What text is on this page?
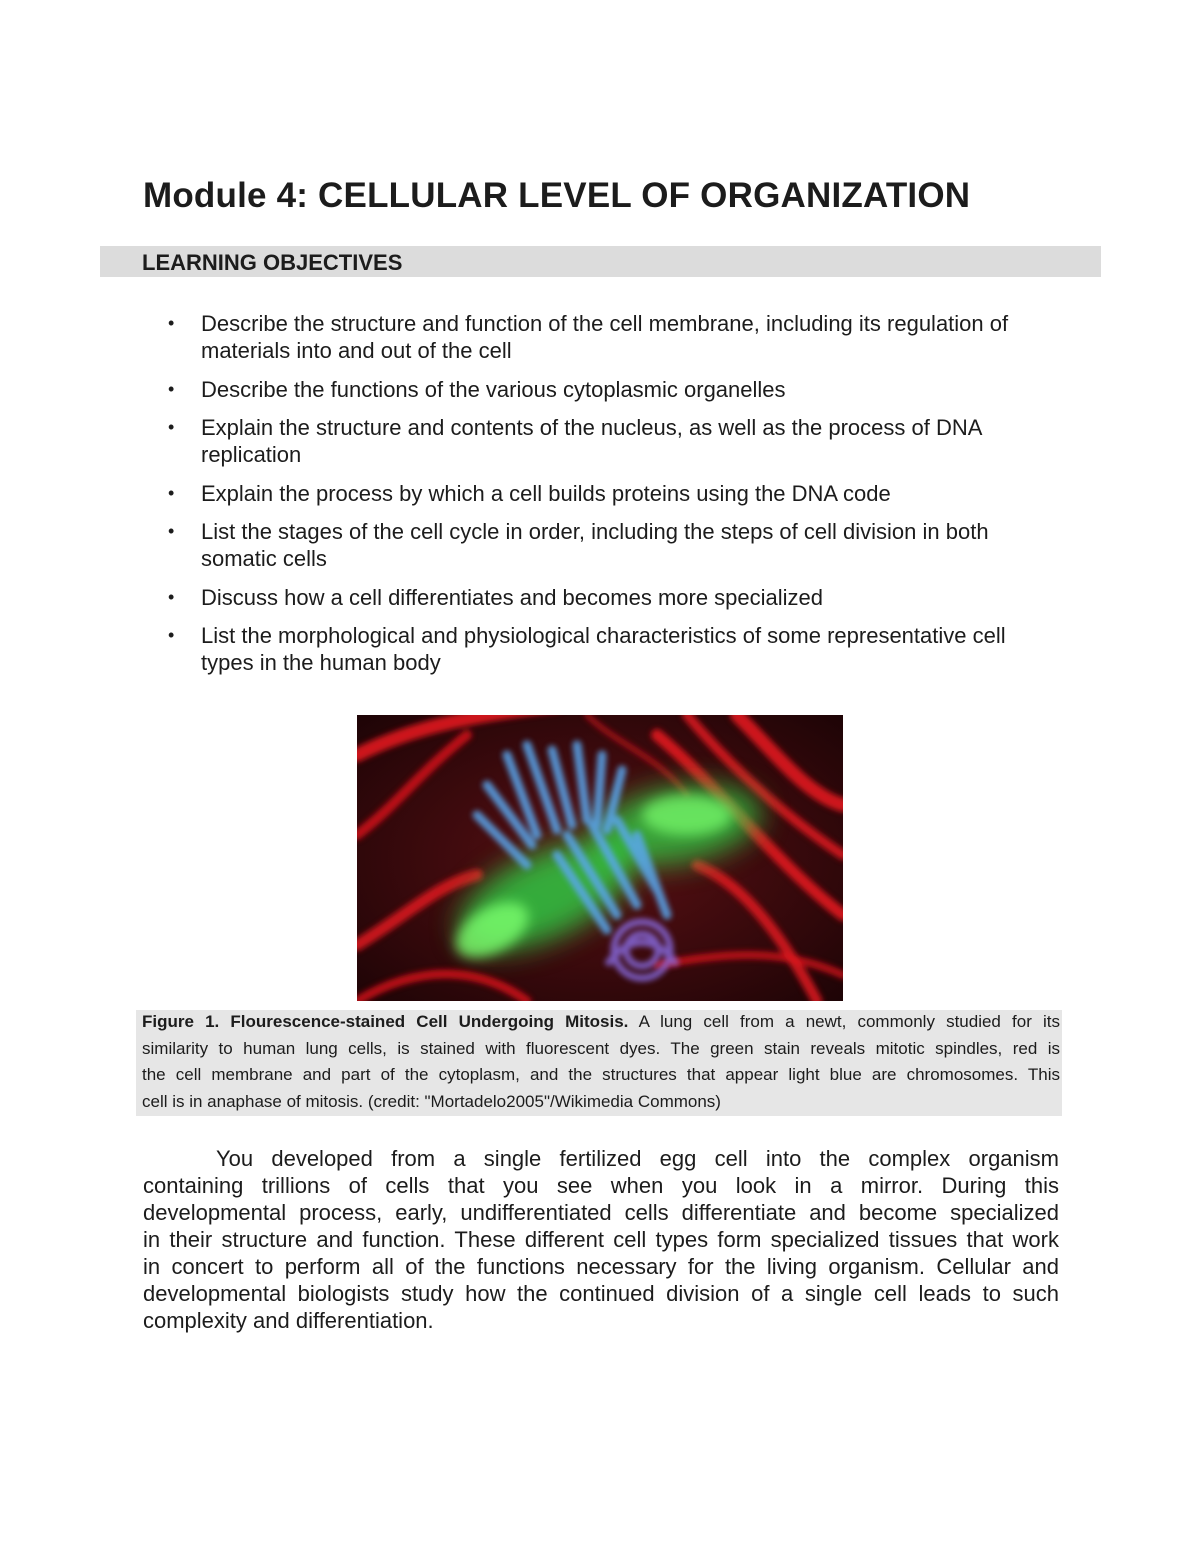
Module 4: CELLULAR LEVEL OF ORGANIZATION
LEARNING OBJECTIVES
• Describe the structure and function of the cell membrane, including its regulation of materials into and out of the cell
• Describe the functions of the various cytoplasmic organelles
• Explain the structure and contents of the nucleus, as well as the process of DNA replication
• Explain the process by which a cell builds proteins using the DNA code
• List the stages of the cell cycle in order, including the steps of cell division in both somatic cells
• Discuss how a cell differentiates and becomes more specialized
• List the morphological and physiological characteristics of some representative cell types in the human body
Figure 1. Flourescence-stained Cell Undergoing Mitosis. A lung cell from a newt, commonly studied for its
similarity to human lung cells, is stained with fluorescent dyes. The green stain reveals mitotic spindles, red is
the cell membrane and part of the cytoplasm, and the structures that appear light blue are chromosomes. This
cell is in anaphase of mitosis. (credit: "Mortadelo2005"/Wikimedia Commons)
You developed from a single fertilized egg cell into the complex organism
containing trillions of cells that you see when you look in a mirror. During this
developmental process, early, undifferentiated cells differentiate and become specialized
in their structure and function. These different cell types form specialized tissues that work
in concert to perform all of the functions necessary for the living organism. Cellular and
developmental biologists study how the continued division of a single cell leads to such
complexity and differentiation.
